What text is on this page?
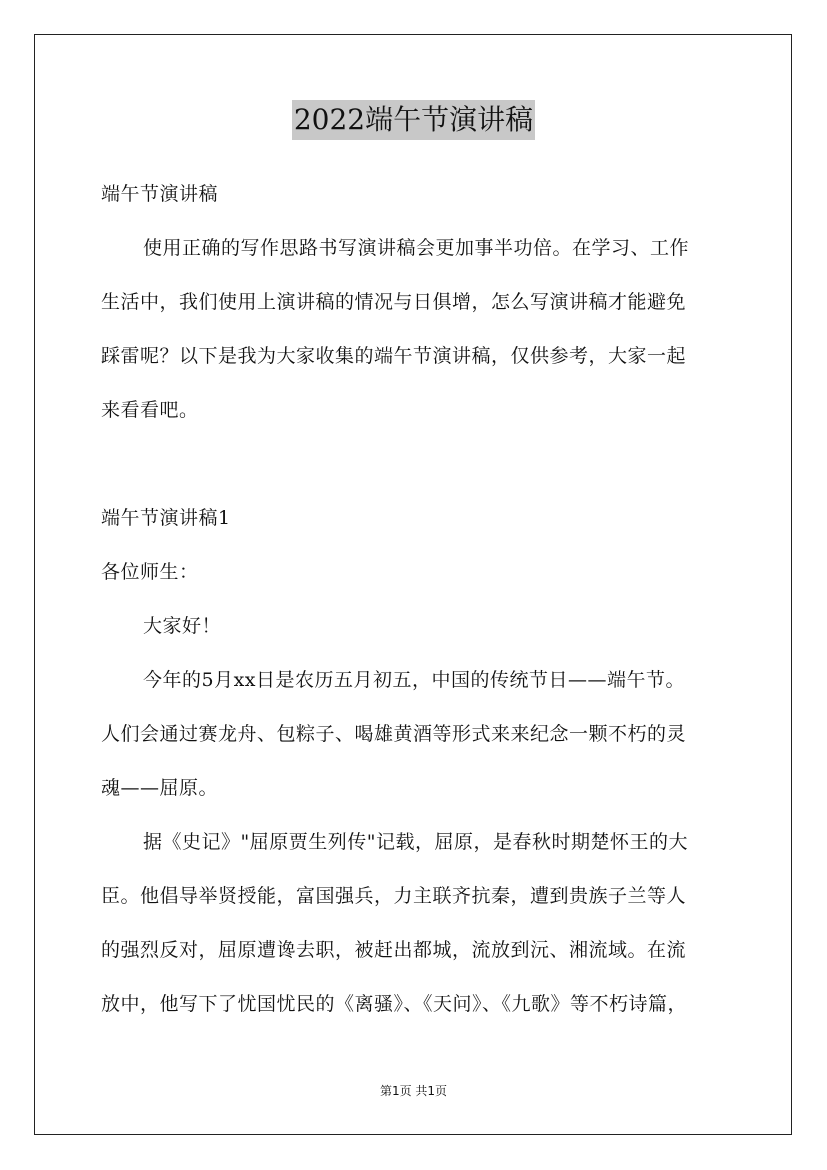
2022端午节演讲稿
端午节演讲稿
使用正确的写作思路书写演讲稿会更加事半功倍。在学习、工作
生活中，我们使用上演讲稿的情况与日俱增，怎么写演讲稿才能避免
踩雷呢？以下是我为大家收集的端午节演讲稿，仅供参考，大家一起
来看看吧。
端午节演讲稿1
各位师生：
大家好！
今年的5月xx日是农历五月初五，中国的传统节日——端午节。
人们会通过赛龙舟、包粽子、喝雄黄酒等形式来来纪念一颗不朽的灵
魂——屈原。
据《史记》"屈原贾生列传"记载，屈原，是春秋时期楚怀王的大
臣。他倡导举贤授能，富国强兵，力主联齐抗秦，遭到贵族子兰等人
的强烈反对，屈原遭谗去职，被赶出都城，流放到沅、湘流域。在流
放中，他写下了忧国忧民的《离骚》、《天问》、《九歌》等不朽诗篇，
第1页 共1页
